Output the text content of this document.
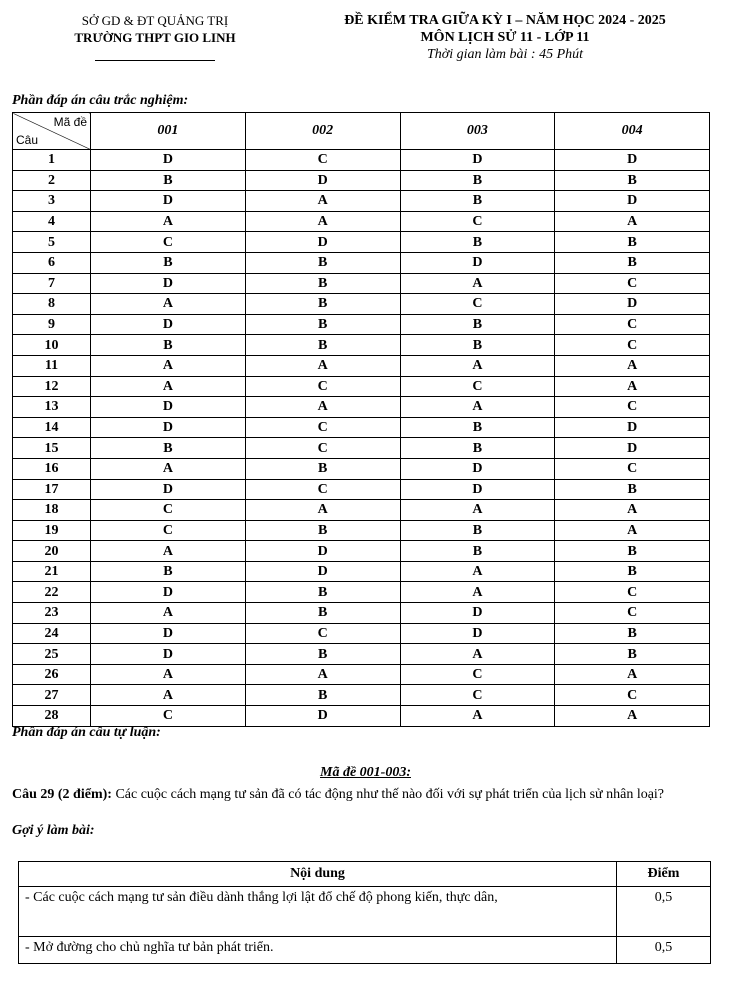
SỞ GD & ĐT QUẢNG TRỊ
TRƯỜNG THPT GIO LINH
ĐỀ KIỂM TRA GIỮA KỲ I – NĂM HỌC 2024 - 2025
MÔN LỊCH SỬ 11 - LỚP 11
Thời gian làm bài : 45 Phút
Phần đáp án câu trắc nghiệm:
Mã đề
Câu	001	002	003	004
1	D	C	D	D
2	B	D	B	B
3	D	A	B	D
4	A	A	C	A
5	C	D	B	B
6	B	B	D	B
7	D	B	A	C
8	A	B	C	D
9	D	B	B	C
10	B	B	B	C
11	A	A	A	A
12	A	C	C	A
13	D	A	A	C
14	D	C	B	D
15	B	C	B	D
16	A	B	D	C
17	D	C	D	B
18	C	A	A	A
19	C	B	B	A
20	A	D	B	B
21	B	D	A	B
22	D	B	A	C
23	A	B	D	C
24	D	C	D	B
25	D	B	A	B
26	A	A	C	A
27	A	B	C	C
28	C	D	A	A
Phần đáp án câu tự luận:
Mã đề 001-003:
Câu 29 (2 điểm): Các cuộc cách mạng tư sản đã có tác động như thế nào đối với sự phát triển của lịch sử nhân loại?
Gợi ý làm bài:
Nội dung	Điểm
- Các cuộc cách mạng tư sản điều dành thắng lợi lật đổ chế độ phong kiến, thực dân,	0,5
- Mở đường cho chủ nghĩa tư bản phát triển.	0,5
